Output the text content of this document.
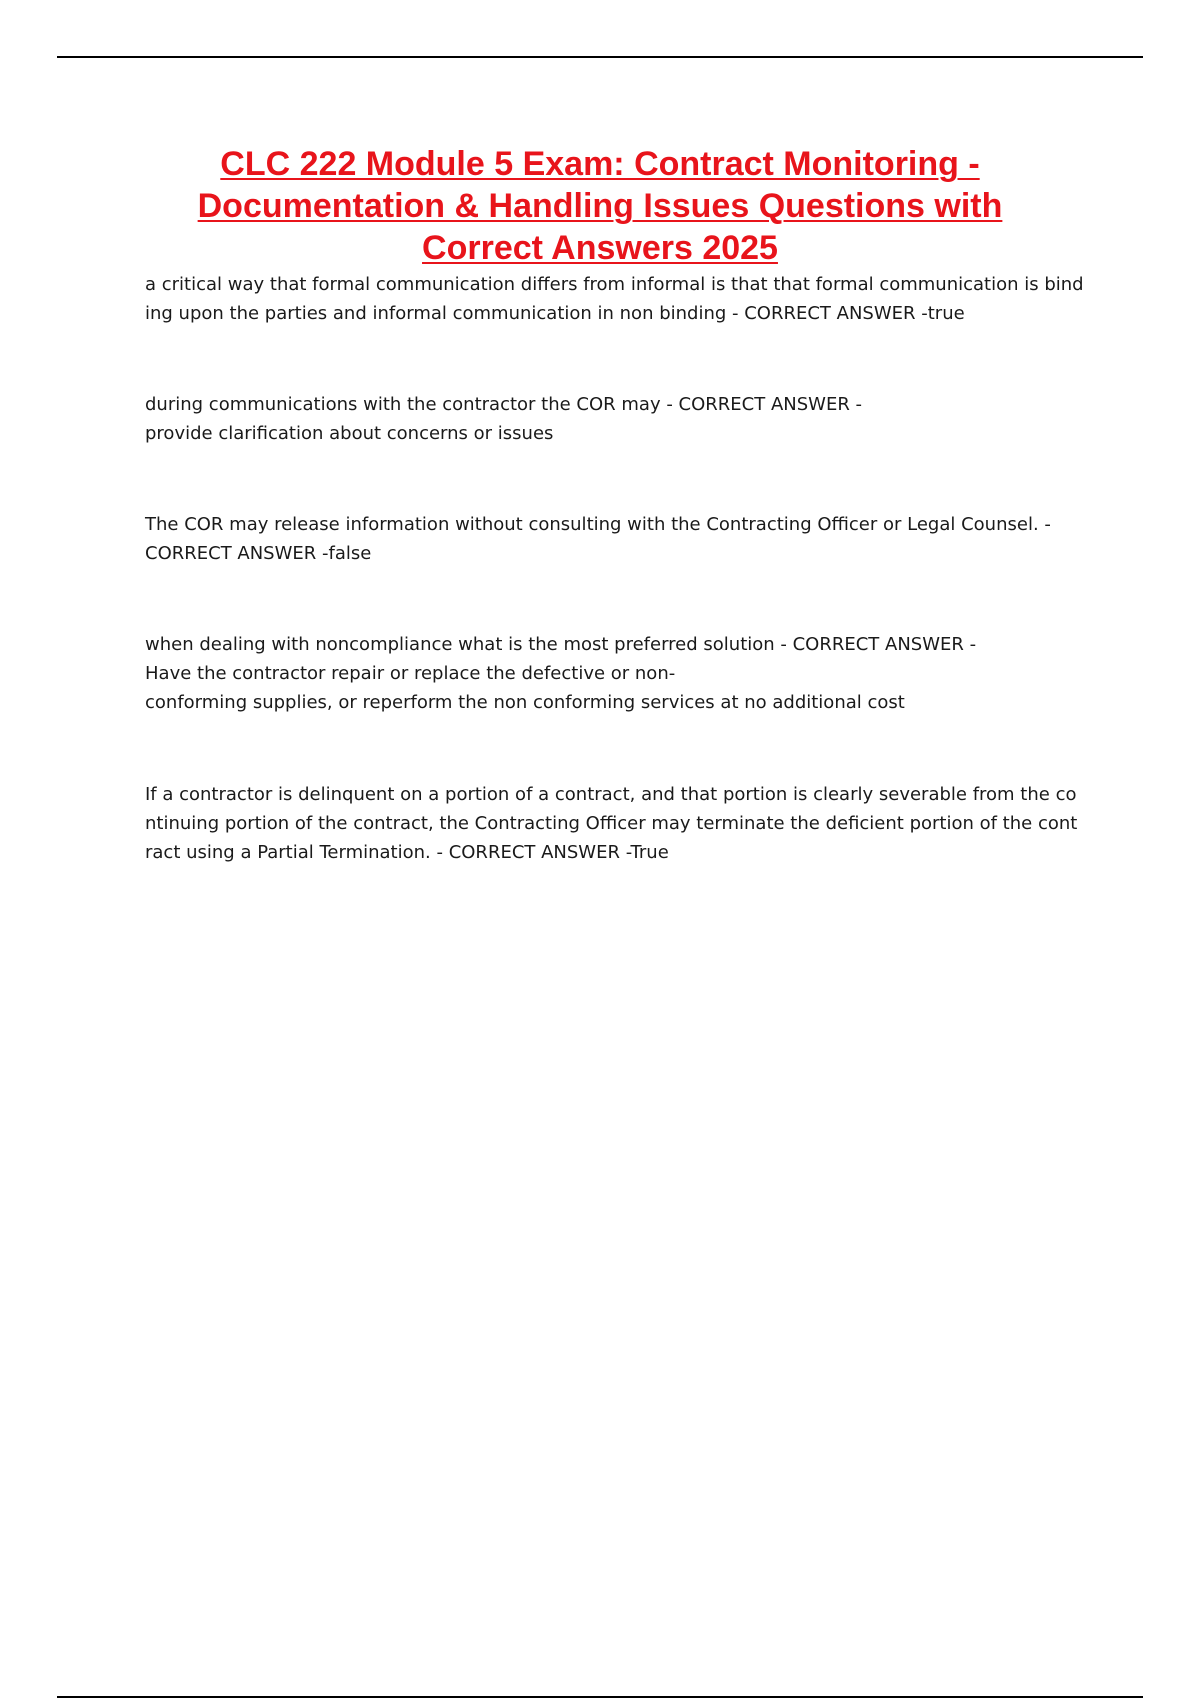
CLC 222 Module 5 Exam: Contract Monitoring -
Documentation & Handling Issues Questions with
Correct Answers 2025

a critical way that formal communication differs from informal is that that formal communication is bind

ing upon the parties and informal communication in non binding - CORRECT ANSWER -true

during communications with the contractor the COR may - CORRECT ANSWER -

provide clarification about concerns or issues

The COR may release information without consulting with the Contracting Officer or Legal Counsel. -

CORRECT ANSWER -false

when dealing with noncompliance what is the most preferred solution - CORRECT ANSWER -

Have the contractor repair or replace the defective or non-

conforming supplies, or reperform the non conforming services at no additional cost

If a contractor is delinquent on a portion of a contract, and that portion is clearly severable from the co

ntinuing portion of the contract, the Contracting Officer may terminate the deficient portion of the cont

ract using a Partial Termination. - CORRECT ANSWER -True
